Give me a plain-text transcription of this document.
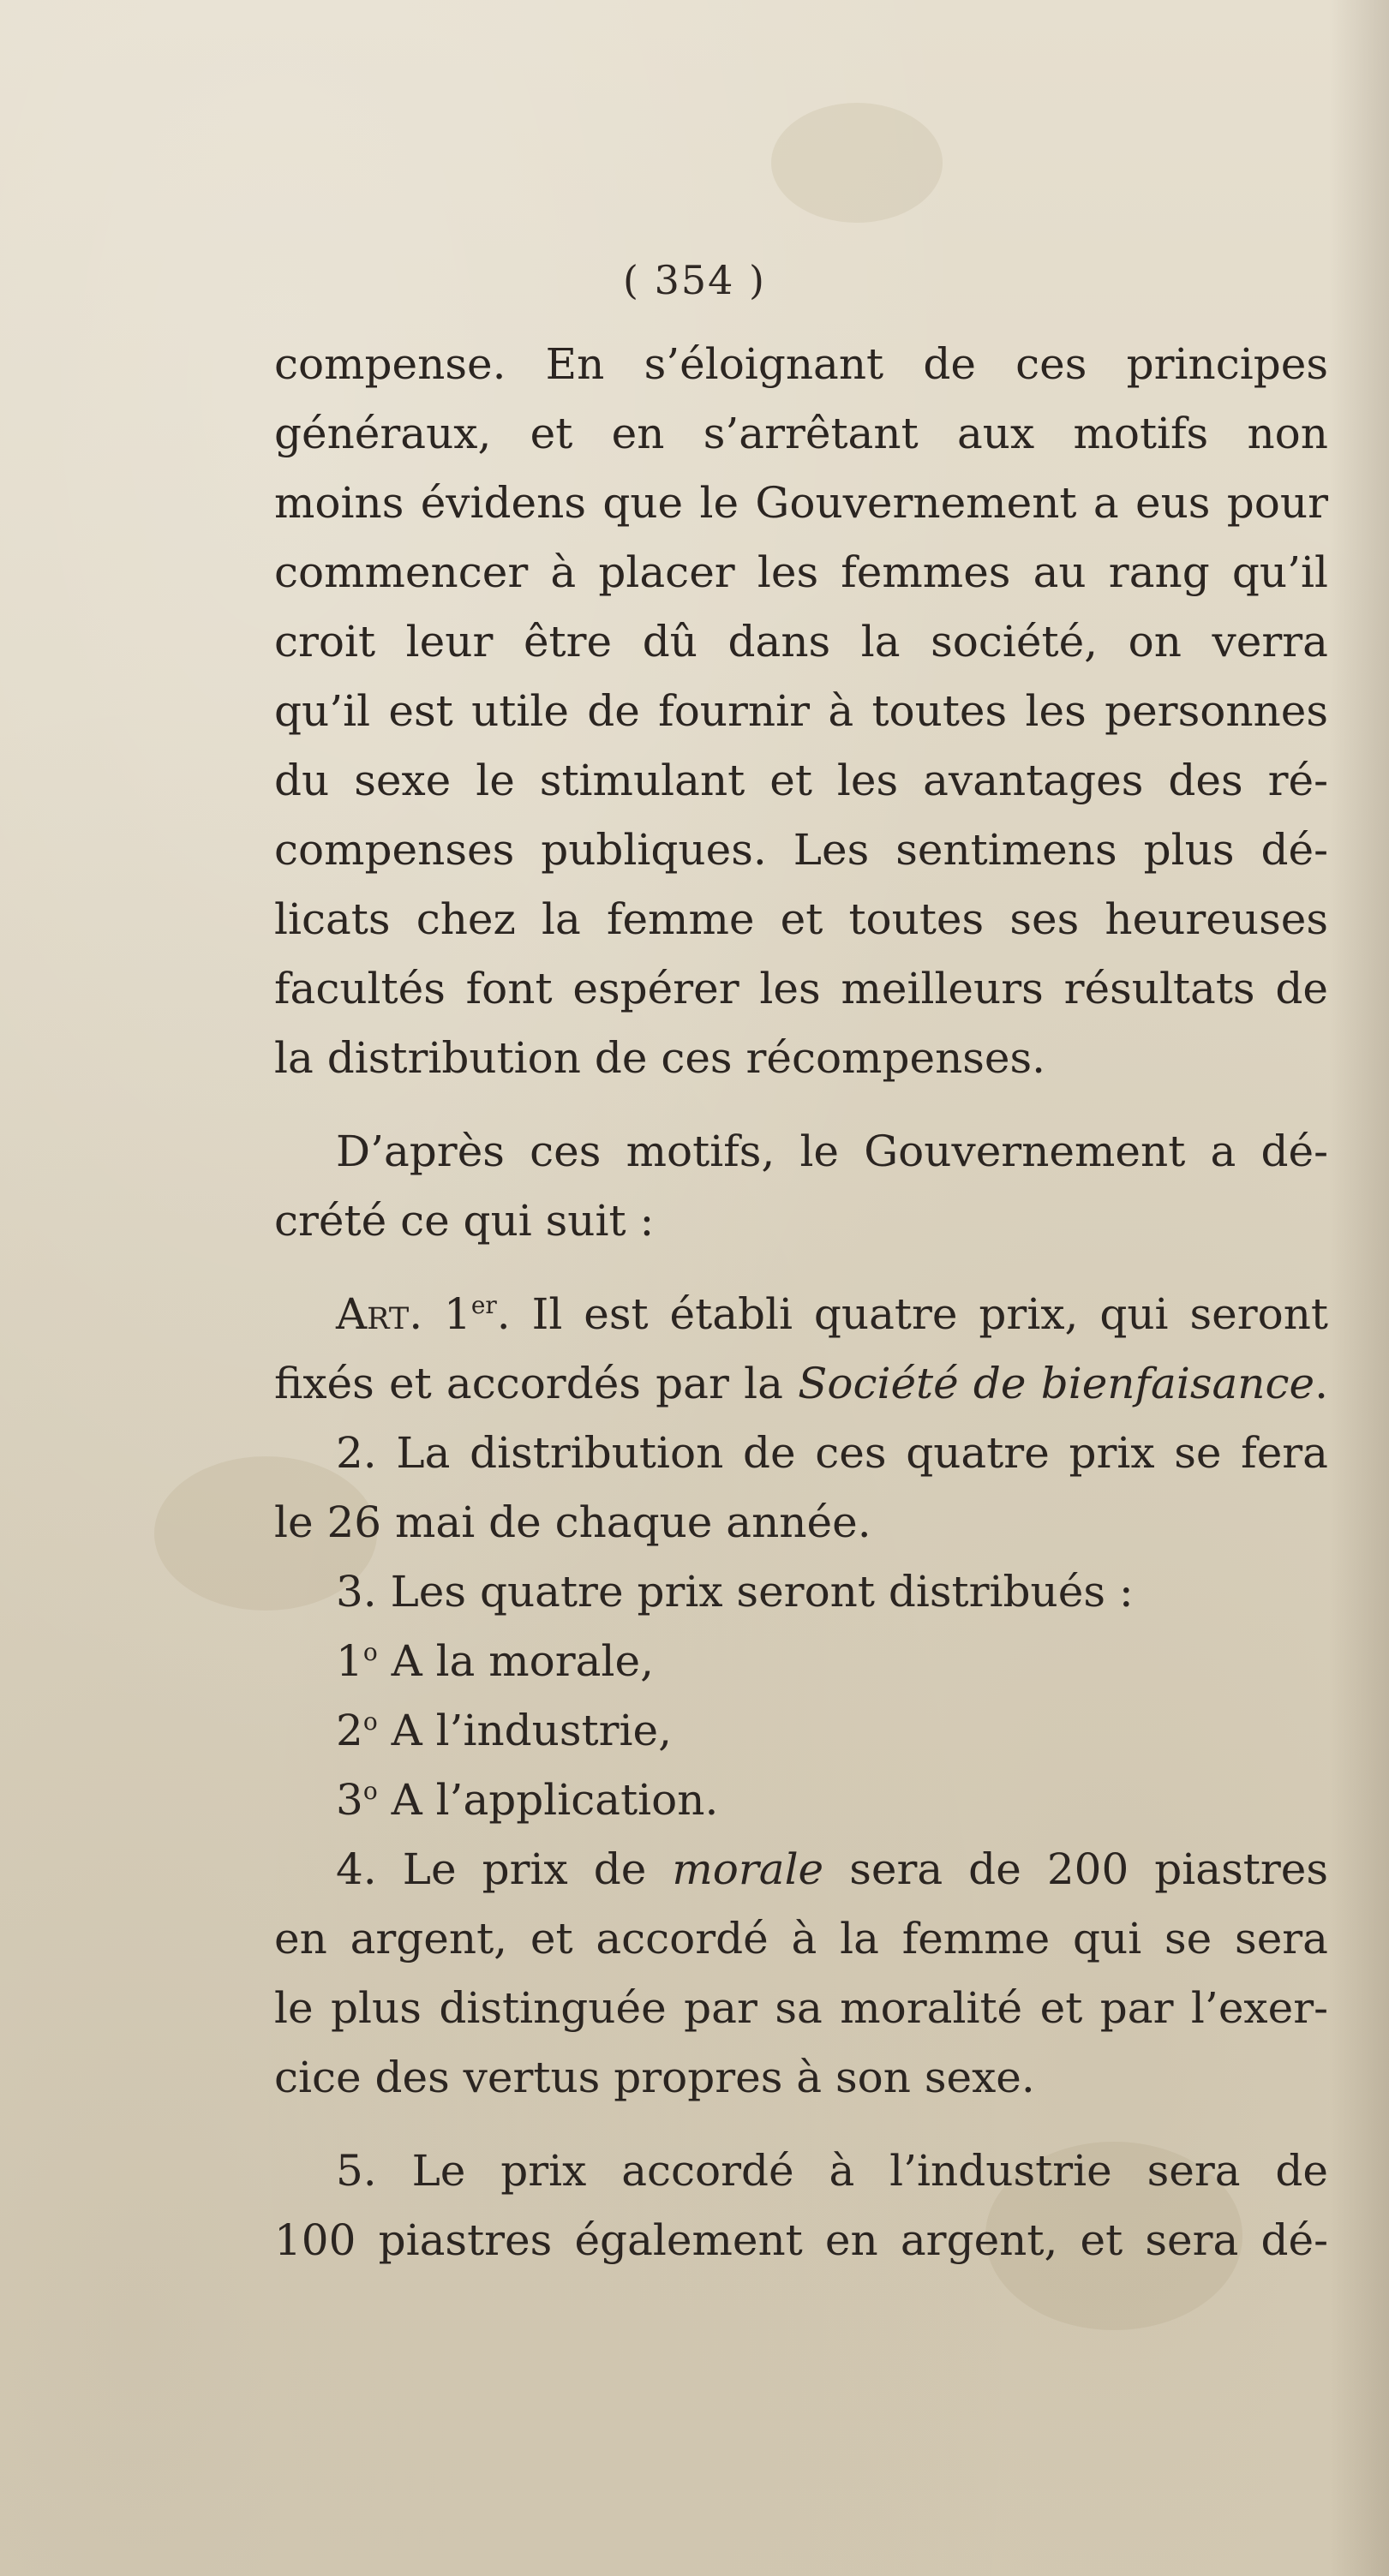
( 354 )
compense. En s’éloignant de ces principes
généraux, et en s’arrêtant aux motifs non
moins évidens que le Gouvernement a eus pour
commencer à placer les femmes au rang qu’il
croit leur être dû dans la société, on verra
qu’il est utile de fournir à toutes les personnes
du sexe le stimulant et les avantages des ré-
compenses publiques. Les sentimens plus dé-
licats chez la femme et toutes ses heureuses
facultés font espérer les meilleurs résultats de
la distribution de ces récompenses.
D’après ces motifs, le Gouvernement a dé-
crété ce qui suit :
Art. 1er. Il est établi quatre prix, qui seront
fixés et accordés par la Société de bienfaisance.
2. La distribution de ces quatre prix se fera
le 26 mai de chaque année.
3. Les quatre prix seront distribués :
1$^o$ A la morale,
2$^o$ A l’industrie,
3$^o$ A l’application.
4. Le prix de morale sera de 200 piastres
en argent, et accordé à la femme qui se sera
le plus distinguée par sa moralité et par l’exer-
cice des vertus propres à son sexe.
5. Le prix accordé à l’industrie sera de
100 piastres également en argent, et sera dé-
